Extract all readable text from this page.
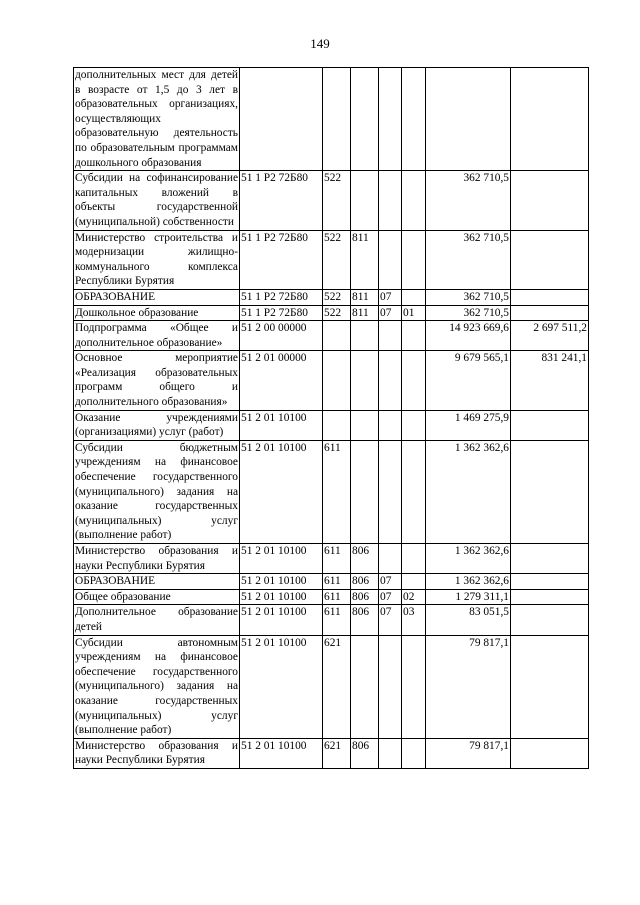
149
дополнительных мест для детей в возрасте от 1,5 до 3 лет в образовательных организациях, осуществляющих образовательную деятельность по образовательным программам дошкольного образования							
Субсидии на софинансирование капитальных вложений в объекты государственной (муниципальной) собственности	51 1 P2 72Б80	522				362 710,5	
Министерство строительства и модернизации жилищно-коммунального комплекса Республики Бурятия	51 1 P2 72Б80	522	811			362 710,5	
ОБРАЗОВАНИЕ	51 1 P2 72Б80	522	811	07		362 710,5	
Дошкольное образование	51 1 P2 72Б80	522	811	07	01	362 710,5	
Подпрограмма «Общее и дополнительное образование»	51 2 00 00000					14 923 669,6	2 697 511,2
Основное мероприятие «Реализация образовательных программ общего и дополнительного образования»	51 2 01 00000					9 679 565,1	831 241,1
Оказание учреждениями (организациями) услуг (работ)	51 2 01 10100					1 469 275,9	
Субсидии бюджетным учреждениям на финансовое обеспечение государственного (муниципального) задания на оказание государственных (муниципальных) услуг (выполнение работ)	51 2 01 10100	611				1 362 362,6	
Министерство образования и науки Республики Бурятия	51 2 01 10100	611	806			1 362 362,6	
ОБРАЗОВАНИЕ	51 2 01 10100	611	806	07		1 362 362,6	
Общее образование	51 2 01 10100	611	806	07	02	1 279 311,1	
Дополнительное образование детей	51 2 01 10100	611	806	07	03	83 051,5	
Субсидии автономным учреждениям на финансовое обеспечение государственного (муниципального) задания на оказание государственных (муниципальных) услуг (выполнение работ)	51 2 01 10100	621				79 817,1	
Министерство образования и науки Республики Бурятия	51 2 01 10100	621	806			79 817,1	
